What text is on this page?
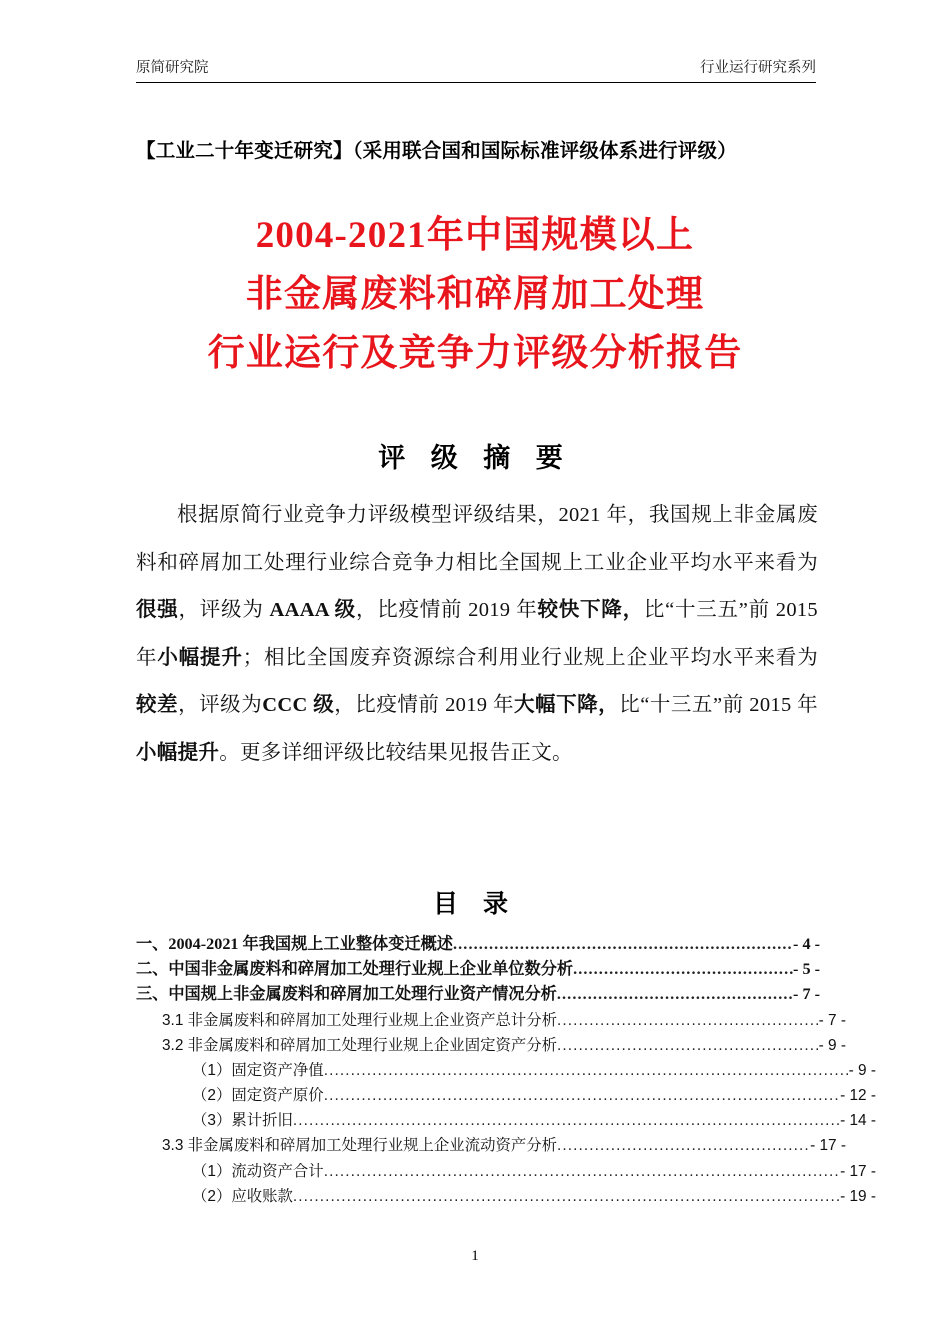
原简研究院	行业运行研究系列
【工业二十年变迁研究】（采用联合国和国际标准评级体系进行评级）
2004-2021年中国规模以上
非金属废料和碎屑加工处理
行业运行及竞争力评级分析报告
评 级 摘 要
根据原简行业竞争力评级模型评级结果，2021 年，我国规上非金属废料和碎屑加工处理行业综合竞争力相比全国规上工业企业平均水平来看为很强，评级为 AAAA 级，比疫情前 2019 年较快下降，比“十三五”前 2015 年小幅提升；相比全国废弃资源综合利用业行业规上企业平均水平来看为较差，评级为CCC 级，比疫情前 2019 年大幅下降，比“十三五”前 2015 年小幅提升。更多详细评级比较结果见报告正文。
目 录
一、2004-2021 年我国规上工业整体变迁概述 .....	- 4 -
二、中国非金属废料和碎屑加工处理行业规上企业单位数分析 .....	- 5 -
三、中国规上非金属废料和碎屑加工处理行业资产情况分析 .....	- 7 -
3.1 非金属废料和碎屑加工处理行业规上企业资产总计分析 .....	- 7 -
3.2 非金属废料和碎屑加工处理行业规上企业固定资产分析 .....	- 9 -
（1）固定资产净值 .....	- 9 -
（2）固定资产原价 .....	- 12 -
（3）累计折旧 .....	- 14 -
3.3 非金属废料和碎屑加工处理行业规上企业流动资产分析 .....	- 17 -
（1）流动资产合计 .....	- 17 -
（2）应收账款 .....	- 19 -
1
